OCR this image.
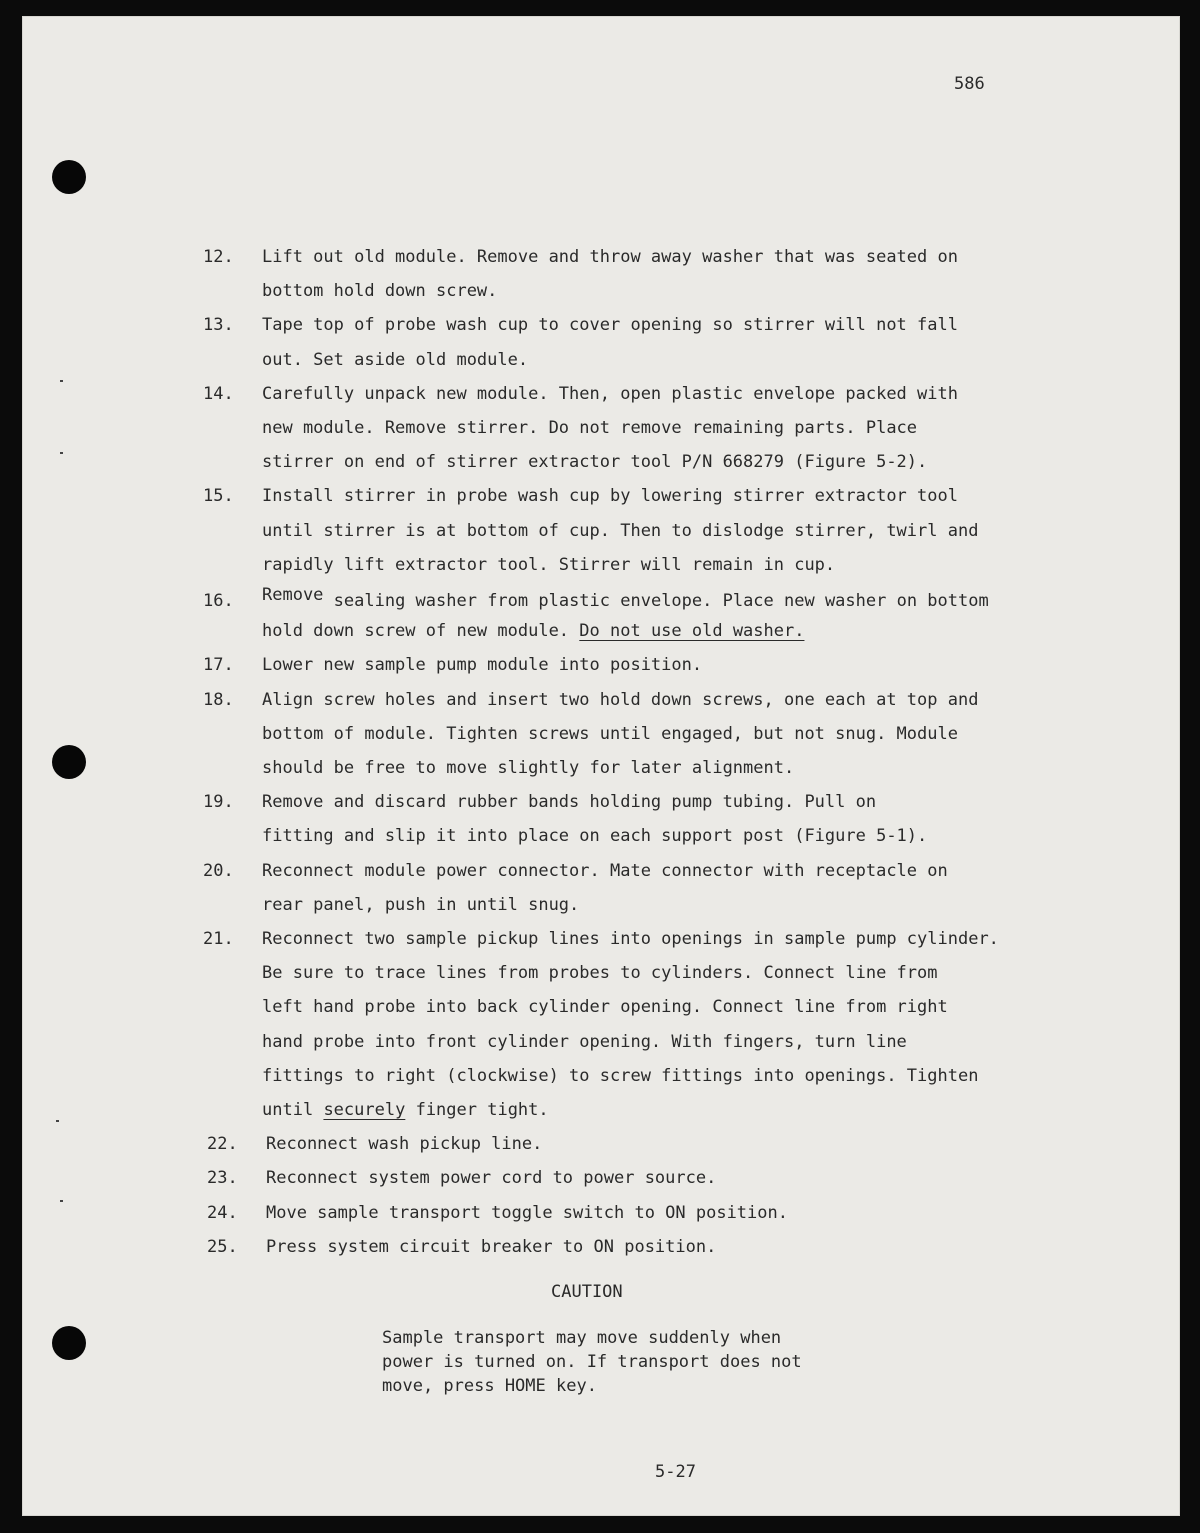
586
12. Lift out old module. Remove and throw away washer that was seated on
bottom hold down screw.
13. Tape top of probe wash cup to cover opening so stirrer will not fall
out. Set aside old module.
14. Carefully unpack new module. Then, open plastic envelope packed with
new module. Remove stirrer. Do not remove remaining parts. Place
stirrer on end of stirrer extractor tool P/N 668279 (Figure 5-2).
15. Install stirrer in probe wash cup by lowering stirrer extractor tool
until stirrer is at bottom of cup. Then to dislodge stirrer, twirl and
rapidly lift extractor tool. Stirrer will remain in cup.
16. Remove sealing washer from plastic envelope. Place new washer on bottom
hold down screw of new module. Do not use old washer.
17. Lower new sample pump module into position.
18. Align screw holes and insert two hold down screws, one each at top and
bottom of module. Tighten screws until engaged, but not snug. Module
should be free to move slightly for later alignment.
19. Remove and discard rubber bands holding pump tubing. Pull on
fitting and slip it into place on each support post (Figure 5-1).
20. Reconnect module power connector. Mate connector with receptacle on
rear panel, push in until snug.
21. Reconnect two sample pickup lines into openings in sample pump cylinder.
Be sure to trace lines from probes to cylinders. Connect line from
left hand probe into back cylinder opening. Connect line from right
hand probe into front cylinder opening. With fingers, turn line
fittings to right (clockwise) to screw fittings into openings. Tighten
until securely finger tight.
22. Reconnect wash pickup line.
23. Reconnect system power cord to power source.
24. Move sample transport toggle switch to ON position.
25. Press system circuit breaker to ON position.
CAUTION
Sample transport may move suddenly when
power is turned on. If transport does not
move, press HOME key.
5-27
